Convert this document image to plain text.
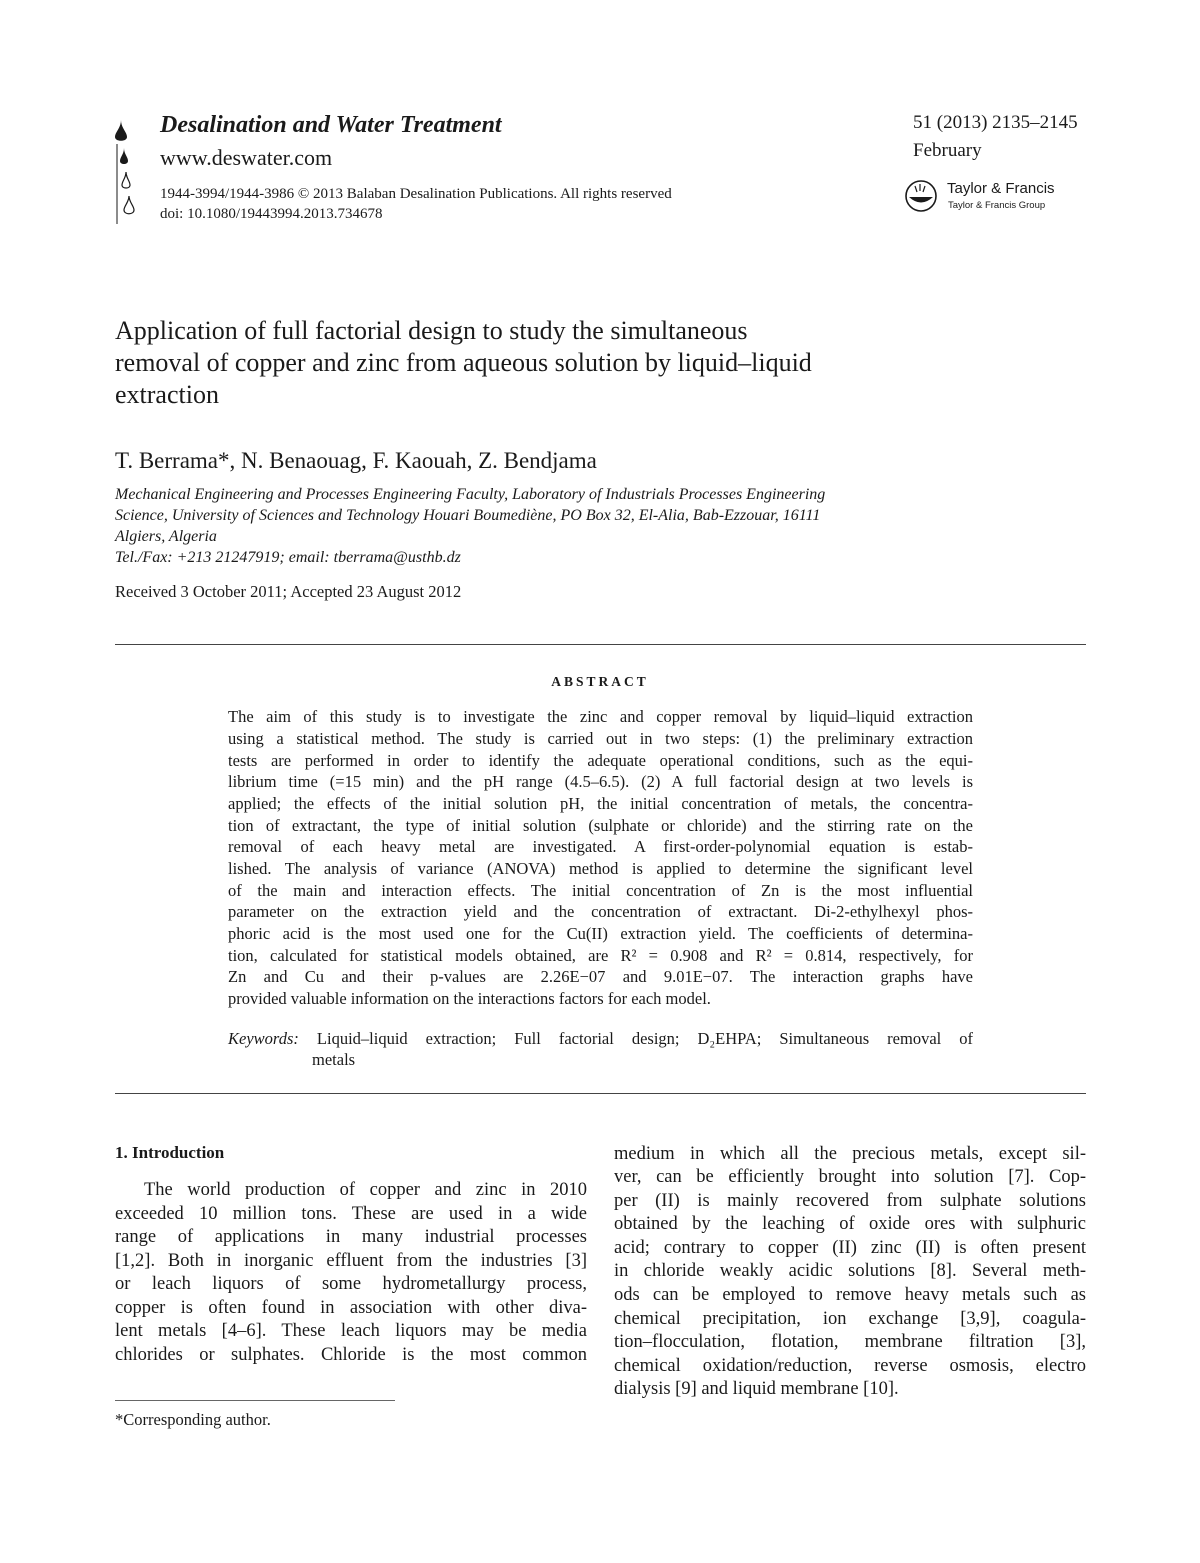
Desalination and Water Treatment
www.deswater.com
1944-3994/1944-3986 © 2013 Balaban Desalination Publications. All rights reserved
doi: 10.1080/19443994.2013.734678
51 (2013) 2135–2145
February
Taylor & Francis
Taylor & Francis Group
Application of full factorial design to study the simultaneous
removal of copper and zinc from aqueous solution by liquid–liquid
extraction
T. Berrama*, N. Benaouag, F. Kaouah, Z. Bendjama
Mechanical Engineering and Processes Engineering Faculty, Laboratory of Industrials Processes Engineering
Science, University of Sciences and Technology Houari Boumediène, PO Box 32, El-Alia, Bab-Ezzouar, 16111
Algiers, Algeria
Tel./Fax: +213 21247919; email: tberrama@usthb.dz
Received 3 October 2011; Accepted 23 August 2012
ABSTRACT
The aim of this study is to investigate the zinc and copper removal by liquid–liquid extraction
using a statistical method. The study is carried out in two steps: (1) the preliminary extraction
tests are performed in order to identify the adequate operational conditions, such as the equi-
librium time (=15 min) and the pH range (4.5–6.5). (2) A full factorial design at two levels is
applied; the effects of the initial solution pH, the initial concentration of metals, the concentra-
tion of extractant, the type of initial solution (sulphate or chloride) and the stirring rate on the
removal of each heavy metal are investigated. A first-order-polynomial equation is estab-
lished. The analysis of variance (ANOVA) method is applied to determine the significant level
of the main and interaction effects. The initial concentration of Zn is the most influential
parameter on the extraction yield and the concentration of extractant. Di-2-ethylhexyl phos-
phoric acid is the most used one for the Cu(II) extraction yield. The coefficients of determina-
tion, calculated for statistical models obtained, are R² = 0.908 and R² = 0.814, respectively, for
Zn and Cu and their p-values are 2.26E−07 and 9.01E−07. The interaction graphs have
provided valuable information on the interactions factors for each model.
Keywords: Liquid–liquid extraction; Full factorial design; D₂EHPA; Simultaneous removal of
metals
1. Introduction
The world production of copper and zinc in 2010
exceeded 10 million tons. These are used in a wide
range of applications in many industrial processes
[1,2]. Both in inorganic effluent from the industries [3]
or leach liquors of some hydrometallurgy process,
copper is often found in association with other diva-
lent metals [4–6]. These leach liquors may be media
chlorides or sulphates. Chloride is the most common
medium in which all the precious metals, except sil-
ver, can be efficiently brought into solution [7]. Cop-
per (II) is mainly recovered from sulphate solutions
obtained by the leaching of oxide ores with sulphuric
acid; contrary to copper (II) zinc (II) is often present
in chloride weakly acidic solutions [8]. Several meth-
ods can be employed to remove heavy metals such as
chemical precipitation, ion exchange [3,9], coagula-
tion–flocculation, flotation, membrane filtration [3],
chemical oxidation/reduction, reverse osmosis, electro
dialysis [9] and liquid membrane [10].
*Corresponding author.
